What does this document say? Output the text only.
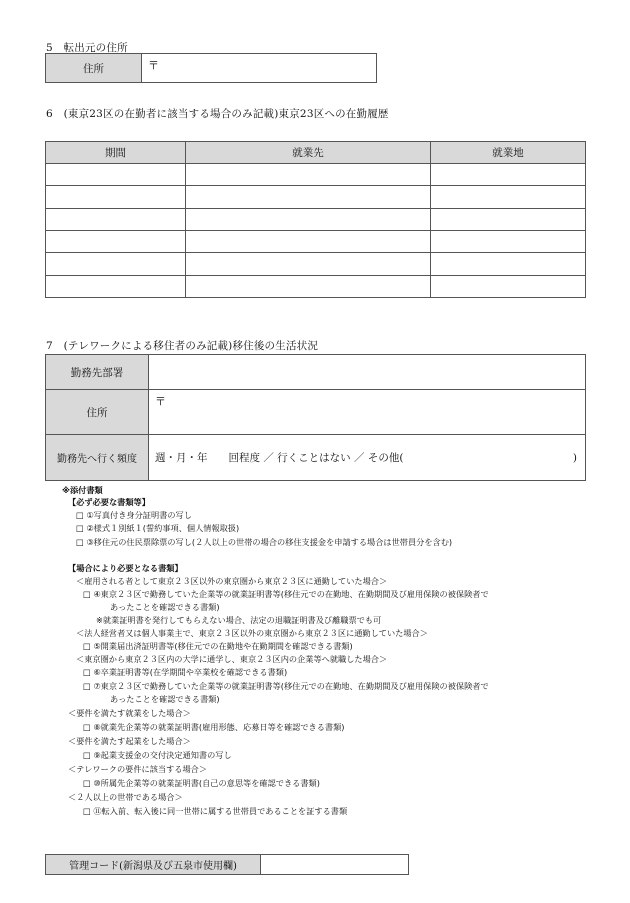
5　転出元の住所
住所	〒
6　(東京23区の在勤者に該当する場合のみ記載)東京23区への在勤履歴
期間	就業先	就業地

7　(テレワークによる移住者のみ記載)移住後の生活状況
勤務先部署	
住所	〒
勤務先へ行く頻度	週・月・年　　回程度 ／ 行くことはない ／ その他( )
※添付書類
【必ず必要な書類等】
□ ①写真付き身分証明書の写し
□ ②様式１別紙１(誓約事項、個人情報取扱)
□ ③移住元の住民票除票の写し(２人以上の世帯の場合の移住支援金を申請する場合は世帯員分を含む)
【場合により必要となる書類】
＜雇用される者として東京２３区以外の東京圏から東京２３区に通勤していた場合＞
□ ④東京２３区で勤務していた企業等の就業証明書等(移住元での在勤地、在勤期間及び雇用保険の被保険者で
あったことを確認できる書類)
※就業証明書を発行してもらえない場合、法定の退職証明書及び離職票でも可
＜法人経営者又は個人事業主で、東京２３区以外の東京圏から東京２３区に通勤していた場合＞
□ ⑤開業届出済証明書等(移住元での在勤地や在勤期間を確認できる書類)
＜東京圏から東京２３区内の大学に通学し、東京２３区内の企業等へ就職した場合＞
□ ⑥卒業証明書等(在学期間や卒業校を確認できる書類)
□ ⑦東京２３区で勤務していた企業等の就業証明書等(移住元での在勤地、在勤期間及び雇用保険の被保険者で
あったことを確認できる書類)
＜要件を満たす就業をした場合＞
□ ⑧就業先企業等の就業証明書(雇用形態、応募日等を確認できる書類)
＜要件を満たす起業をした場合＞
□ ⑨起業支援金の交付決定通知書の写し
＜テレワークの要件に該当する場合＞
□ ⑩所属先企業等の就業証明書(自己の意思等を確認できる書類)
＜２人以上の世帯である場合＞
□ ⑪転入前、転入後に同一世帯に属する世帯員であることを証する書類
管理コード(新潟県及び五泉市使用欄)	
